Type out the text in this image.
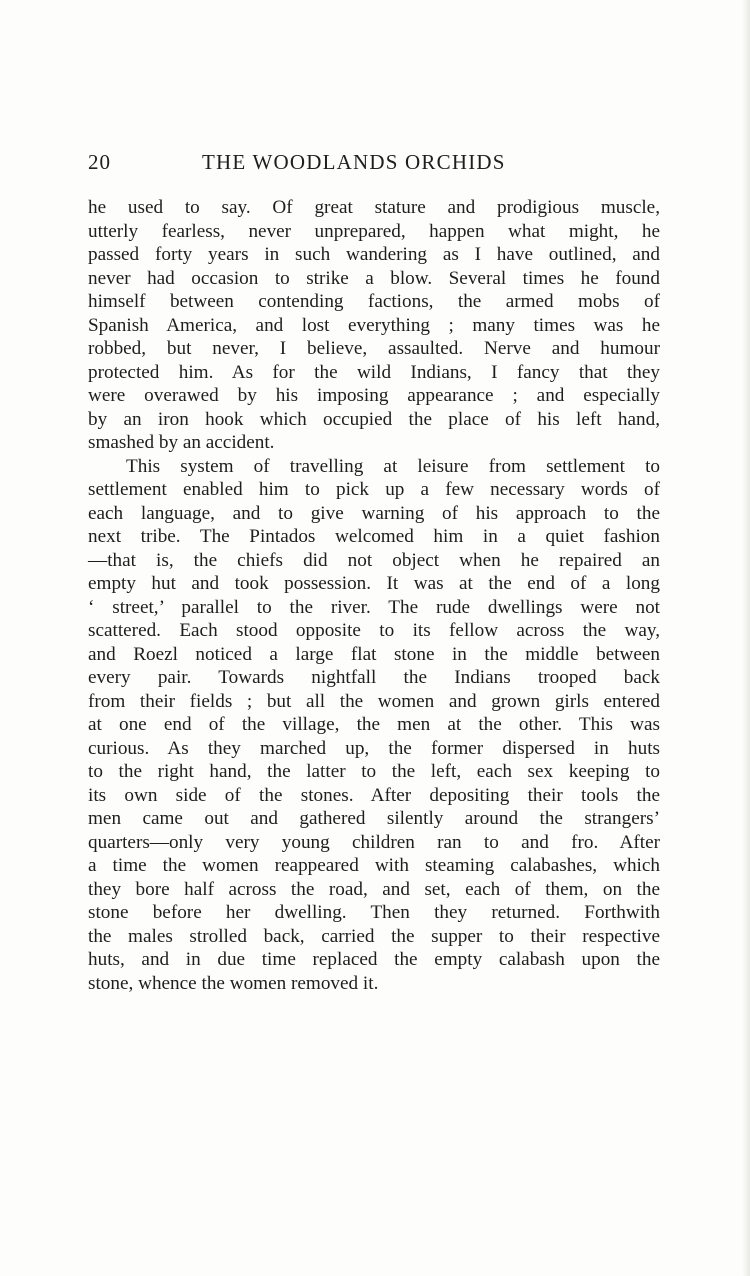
20	THE WOODLANDS ORCHIDS
he used to say. Of great stature and prodigious muscle,
utterly fearless, never unprepared, happen what might, he
passed forty years in such wandering as I have outlined, and
never had occasion to strike a blow. Several times he found
himself between contending factions, the armed mobs of
Spanish America, and lost everything ; many times was he
robbed, but never, I believe, assaulted. Nerve and humour
protected him. As for the wild Indians, I fancy that they
were overawed by his imposing appearance ; and especially
by an iron hook which occupied the place of his left hand,
smashed by an accident.
This system of travelling at leisure from settlement to
settlement enabled him to pick up a few necessary words of
each language, and to give warning of his approach to the
next tribe. The Pintados welcomed him in a quiet fashion
—that is, the chiefs did not object when he repaired an
empty hut and took possession. It was at the end of a long
‘ street,’ parallel to the river. The rude dwellings were not
scattered. Each stood opposite to its fellow across the way,
and Roezl noticed a large flat stone in the middle between
every pair. Towards nightfall the Indians trooped back
from their fields ; but all the women and grown girls entered
at one end of the village, the men at the other. This was
curious. As they marched up, the former dispersed in huts
to the right hand, the latter to the left, each sex keeping to
its own side of the stones. After depositing their tools the
men came out and gathered silently around the strangers’
quarters—only very young children ran to and fro. After
a time the women reappeared with steaming calabashes, which
they bore half across the road, and set, each of them, on the
stone before her dwelling. Then they returned. Forthwith
the males strolled back, carried the supper to their respective
huts, and in due time replaced the empty calabash upon the
stone, whence the women removed it.
